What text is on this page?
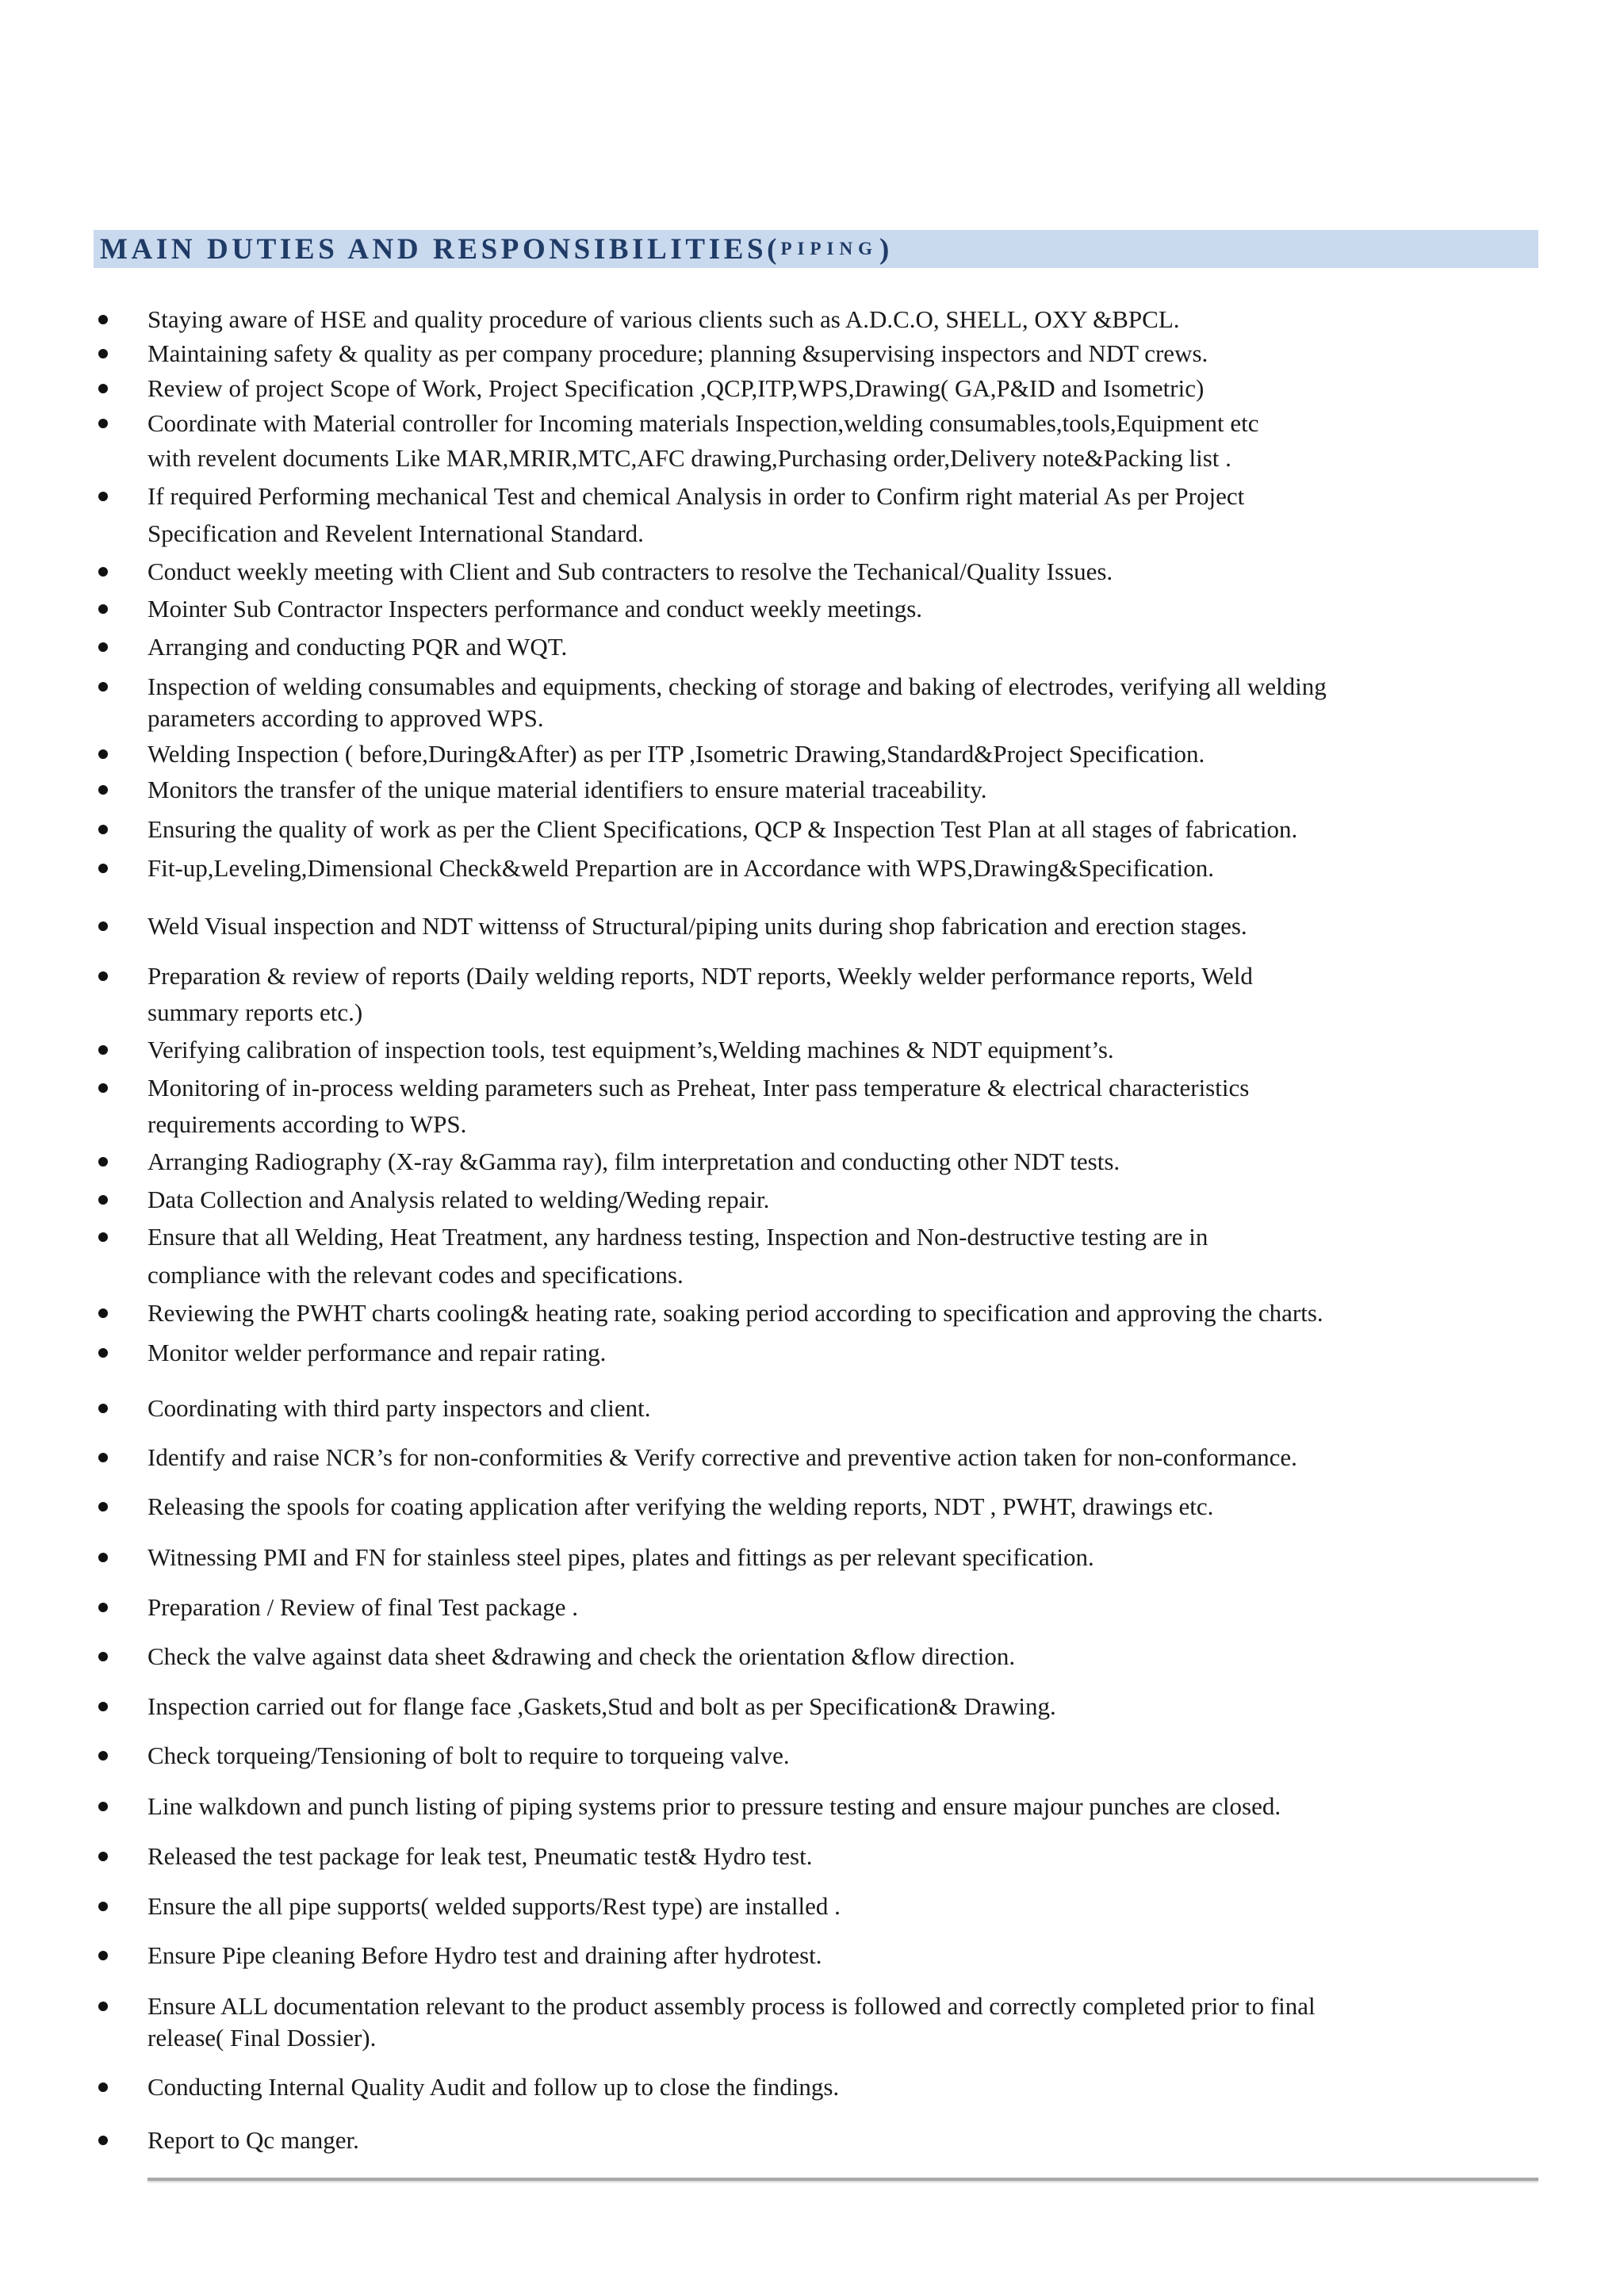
MAIN DUTIES AND RESPONSIBILITIES ( PIPING )
Staying aware of HSE and quality procedure of various clients such as A.D.C.O, SHELL, OXY &BPCL.
Maintaining safety & quality as per company procedure; planning &supervising inspectors and NDT crews.
Review of project Scope of Work, Project Specification ,QCP,ITP,WPS,Drawing( GA,P&ID and Isometric)
Coordinate with Material controller for Incoming materials Inspection,welding consumables,tools,Equipment etc
with revelent documents Like MAR,MRIR,MTC,AFC drawing,Purchasing order,Delivery note&Packing list .
If required Performing mechanical Test and chemical Analysis in order to Confirm right material As per Project
Specification and Revelent International Standard.
Conduct weekly meeting with Client and Sub contracters to resolve the Techanical/Quality Issues.
Mointer Sub Contractor Inspecters performance and conduct weekly meetings.
Arranging and conducting PQR and WQT.
Inspection of welding consumables and equipments, checking of storage and baking of electrodes, verifying all welding
parameters according to approved WPS.
Welding Inspection ( before,During&After) as per ITP ,Isometric Drawing,Standard&Project Specification.
Monitors the transfer of the unique material identifiers to ensure material traceability.
Ensuring the quality of work as per the Client Specifications, QCP & Inspection Test Plan at all stages of fabrication.
Fit-up,Leveling,Dimensional Check&weld Prepartion are in Accordance with WPS,Drawing&Specification.
Weld Visual inspection and NDT wittenss of Structural/piping units during shop fabrication and erection stages.
Preparation & review of reports (Daily welding reports, NDT reports, Weekly welder performance reports, Weld
summary reports etc.)
Verifying calibration of inspection tools, test equipment’s,Welding machines & NDT equipment’s.
Monitoring of in-process welding parameters such as Preheat, Inter pass temperature & electrical characteristics
requirements according to WPS.
Arranging Radiography (X-ray &Gamma ray), film interpretation and conducting other NDT tests.
Data Collection and Analysis related to welding/Weding repair.
Ensure that all Welding, Heat Treatment, any hardness testing, Inspection and Non-destructive testing are in
compliance with the relevant codes and specifications.
Reviewing the PWHT charts cooling& heating rate, soaking period according to specification and approving the charts.
Monitor welder performance and repair rating.
Coordinating with third party inspectors and client.
Identify and raise NCR’s for non-conformities & Verify corrective and preventive action taken for non-conformance.
Releasing the spools for coating application after verifying the welding reports, NDT , PWHT, drawings etc.
Witnessing PMI and FN for stainless steel pipes, plates and fittings as per relevant specification.
Preparation / Review of final Test package .
Check the valve against data sheet &drawing and check the orientation &flow direction.
Inspection carried out for flange face ,Gaskets,Stud and bolt as per Specification& Drawing.
Check torqueing/Tensioning of bolt to require to torqueing valve.
Line walkdown and punch listing of piping systems prior to pressure testing and ensure majour punches are closed.
Released the test package for leak test, Pneumatic test& Hydro test.
Ensure the all pipe supports( welded supports/Rest type) are installed .
Ensure Pipe cleaning Before Hydro test and draining after hydrotest.
Ensure ALL documentation relevant to the product assembly process is followed and correctly completed prior to final
release( Final Dossier).
Conducting Internal Quality Audit and follow up to close the findings.
Report to Qc manger.
